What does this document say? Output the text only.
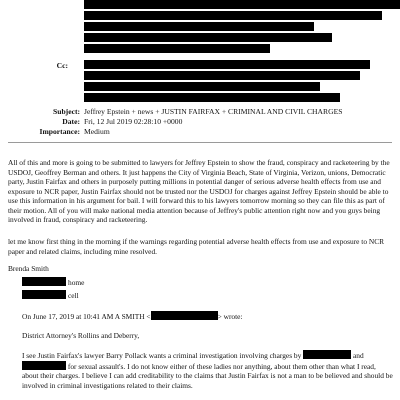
Cc:
Subject: Jeffrey Epstein + news + JUSTIN FAIRFAX + CRIMINAL AND CIVIL CHARGES
Date: Fri, 12 Jul 2019 02:28:10 +0000
Importance: Medium
All of this and more is going to be submitted to lawyers for Jeffrey Epstein to show the fraud, conspiracy and racketeering by the USDOJ, Geoffrey Berman and others. It just happens the City of Virginia Beach, State of Virginia, Verizon, unions, Democratic party, Justin Fairfax and others in purposely putting millions in potential danger of serious adverse health effects from use and exposure to NCR paper, Justin Fairfax should not be trusted nor the USDOJ for charges against Jeffrey Epstein should be able to use this information in his argument for bail. I will forward this to his lawyers tomorrow morning so they can file this as part of their motion. All of you will make national media attention because of Jeffrey's public attention right now and you guys being involved in fraud, conspiracy and racketeering.
let me know first thing in the morning if the warnings regarding potential adverse health effects from use and exposure to NCR paper and related claims, including mine resolved.
Brenda Smith
home
cell
On June 17, 2019 at 10:41 AM A SMITH <	> wrote:
District Attorney's Rollins and Deberry,
I see Justin Fairfax's lawyer Barry Pollack wants a criminal investigation involving charges by	and
for sexual assault's. I do not know either of these ladies nor anything, about them other than what I read, about their charges. I believe I can add creditability to the claims that Justin Fairfax is not a man to be believed and should be involved in criminal investigations related to their claims.
